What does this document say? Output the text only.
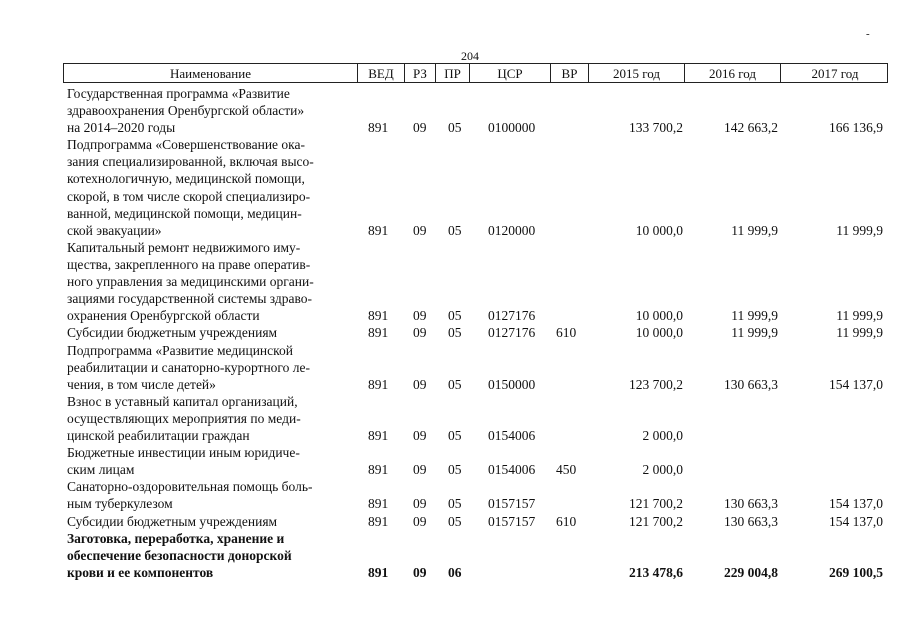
204
-
Наименование	ВЕД	РЗ	ПР	ЦСР	ВР	2015 год	2016 год	2017 год
Государственная программа «Развитие
здравоохранения Оренбургской области»
на 2014–2020 годы	891 09 05 0100000	133 700,2	142 663,2	166 136,9
Подпрограмма «Совершенствование ока-
зания специализированной, включая высо-
котехнологичную, медицинской помощи,
скорой, в том числе скорой специализиро-
ванной, медицинской помощи, медицин-
ской эвакуации»	891 09 05 0120000	10 000,0	11 999,9	11 999,9
Капитальный ремонт недвижимого иму-
щества, закрепленного на праве оператив-
ного управления за медицинскими органи-
зациями государственной системы здраво-
охранения Оренбургской области	891 09 05 0127176	10 000,0	11 999,9	11 999,9
Субсидии бюджетным учреждениям	891 09 05 0127176 610	10 000,0	11 999,9	11 999,9
Подпрограмма «Развитие медицинской
реабилитации и санаторно-курортного ле-
чения, в том числе детей»	891 09 05 0150000	123 700,2	130 663,3	154 137,0
Взнос в уставный капитал организаций,
осуществляющих мероприятия по меди-
цинской реабилитации граждан	891 09 05 0154006	2 000,0
Бюджетные инвестиции иным юридиче-
ским лицам	891 09 05 0154006 450	2 000,0
Санаторно-оздоровительная помощь боль-
ным туберкулезом	891 09 05 0157157	121 700,2	130 663,3	154 137,0
Субсидии бюджетным учреждениям	891 09 05 0157157 610	121 700,2	130 663,3	154 137,0
Заготовка, переработка, хранение и
обеспечение безопасности донорской
крови и ее компонентов	891 09 06	213 478,6	229 004,8	269 100,5
